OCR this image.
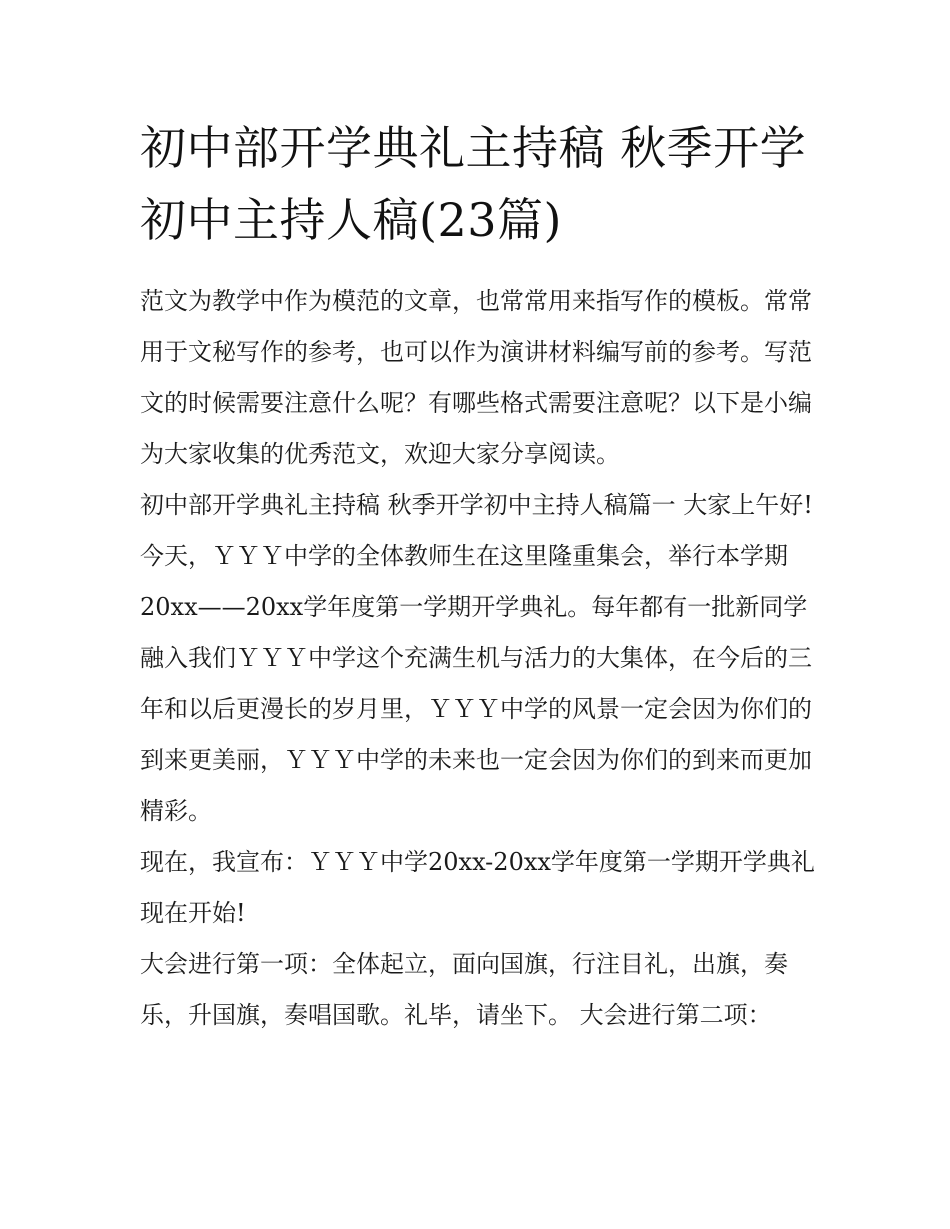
初中部开学典礼主持稿 秋季开学初中主持人稿(23篇)

范文为教学中作为模范的文章，也常常用来指写作的模板。常常用于文秘写作的参考，也可以作为演讲材料编写前的参考。写范文的时候需要注意什么呢？有哪些格式需要注意呢？以下是小编为大家收集的优秀范文，欢迎大家分享阅读。

初中部开学典礼主持稿 秋季开学初中主持人稿篇一 大家上午好!

今天，ＹＹＹ中学的全体教师生在这里隆重集会，举行本学期20xx——20xx学年度第一学期开学典礼。每年都有一批新同学融入我们ＹＹＹ中学这个充满生机与活力的大集体，在今后的三年和以后更漫长的岁月里，ＹＹＹ中学的风景一定会因为你们的到来更美丽，ＹＹＹ中学的未来也一定会因为你们的到来而更加精彩。

现在，我宣布：ＹＹＹ中学20xx-20xx学年度第一学期开学典礼现在开始!

大会进行第一项：全体起立，面向国旗，行注目礼，出旗，奏乐，升国旗，奏唱国歌。礼毕，请坐下。 大会进行第二项：
